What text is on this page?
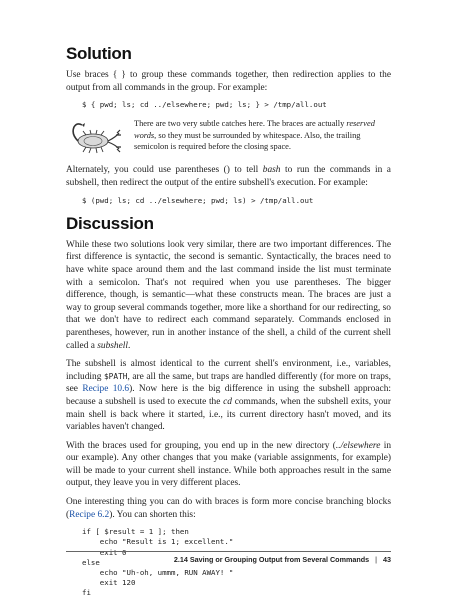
Solution

Use braces { } to group these commands together, then redirection applies to the output from all commands in the group. For example:

$ { pwd; ls; cd ../elsewhere; pwd; ls; } > /tmp/all.out

There are two very subtle catches here. The braces are actually reserved words, so they must be surrounded by whitespace. Also, the trailing semicolon is required before the closing space.

Alternately, you could use parentheses () to tell bash to run the commands in a subshell, then redirect the output of the entire subshell's execution. For example:

$ (pwd; ls; cd ../elsewhere; pwd; ls) > /tmp/all.out
Discussion

While these two solutions look very similar, there are two important differences. The first difference is syntactic, the second is semantic. Syntactically, the braces need to have white space around them and the last command inside the list must terminate with a semicolon. That's not required when you use parentheses. The bigger difference, though, is semantic—what these constructs mean. The braces are just a way to group several commands together, more like a shorthand for our redirecting, so that we don't have to redirect each command separately. Commands enclosed in parentheses, however, run in another instance of the shell, a child of the current shell called a subshell.

The subshell is almost identical to the current shell's environment, i.e., variables, including $PATH, are all the same, but traps are handled differently (for more on traps, see Recipe 10.6). Now here is the big difference in using the subshell approach: because a subshell is used to execute the cd commands, when the subshell exits, your main shell is back where it started, i.e., its current directory hasn't moved, and its variables haven't changed.

With the braces used for grouping, you end up in the new directory (../elsewhere in our example). Any other changes that you make (variable assignments, for example) will be made to your current shell instance. While both approaches result in the same output, they leave you in very different places.

One interesting thing you can do with braces is form more concise branching blocks (Recipe 6.2). You can shorten this:

if [ $result = 1 ]; then
echo "Result is 1; excellent."
exit 0
else
echo "Uh-oh, ummm, RUN AWAY! "
exit 120
fi
2.14 Saving or Grouping Output from Several Commands | 43
